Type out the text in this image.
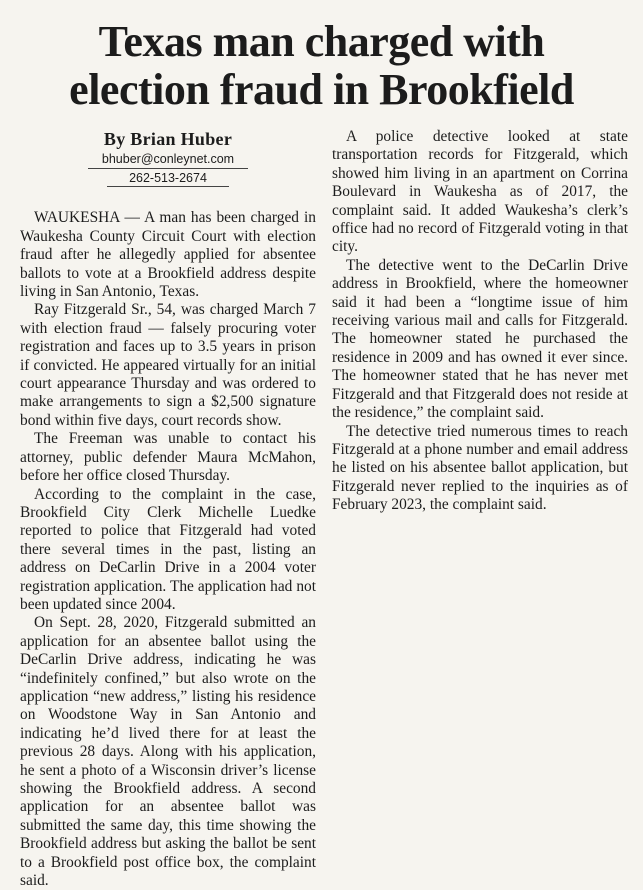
Texas man charged with
election fraud in Brookfield
By Brian Huber
bhuber@conleynet.com
262-513-2674

WAUKESHA — A man has been charged in Waukesha County Circuit Court with election fraud after he allegedly applied for absentee ballots to vote at a Brookfield address despite living in San Antonio, Texas.

Ray Fitzgerald Sr., 54, was charged March 7 with election fraud — falsely procuring voter registration and faces up to 3.5 years in prison if convicted. He appeared virtually for an initial court appearance Thursday and was ordered to make arrangements to sign a $2,500 signature bond within five days, court records show.

The Freeman was unable to contact his attorney, public defender Maura McMahon, before her office closed Thursday.

According to the complaint in the case, Brookfield City Clerk Michelle Luedke reported to police that Fitzgerald had voted there several times in the past, listing an address on DeCarlin Drive in a 2004 voter registration application. The application had not been updated since 2004.

On Sept. 28, 2020, Fitzgerald submitted an application for an absentee ballot using the DeCarlin Drive address, indicating he was “indefinitely confined,” but also wrote on the application “new address,” listing his residence on Woodstone Way in San Antonio and indicating he’d lived there for at least the previous 28 days. Along with his application, he sent a photo of a Wisconsin driver’s license showing the Brookfield address. A second application for an absentee ballot was submitted the same day, this time showing the Brookfield address but asking the ballot be sent to a Brookfield post office box, the complaint said.

A police detective looked at state transportation records for Fitzgerald, which showed him living in an apartment on Corrina Boulevard in Waukesha as of 2017, the complaint said. It added Waukesha’s clerk’s office had no record of Fitzgerald voting in that city.

The detective went to the DeCarlin Drive address in Brookfield, where the homeowner said it had been a “longtime issue of him receiving various mail and calls for Fitzgerald. The homeowner stated he purchased the residence in 2009 and has owned it ever since. The homeowner stated that he has never met Fitzgerald and that Fitzgerald does not reside at the residence,” the complaint said.

The detective tried numerous times to reach Fitzgerald at a phone number and email address he listed on his absentee ballot application, but Fitzgerald never replied to the inquiries as of February 2023, the complaint said.
